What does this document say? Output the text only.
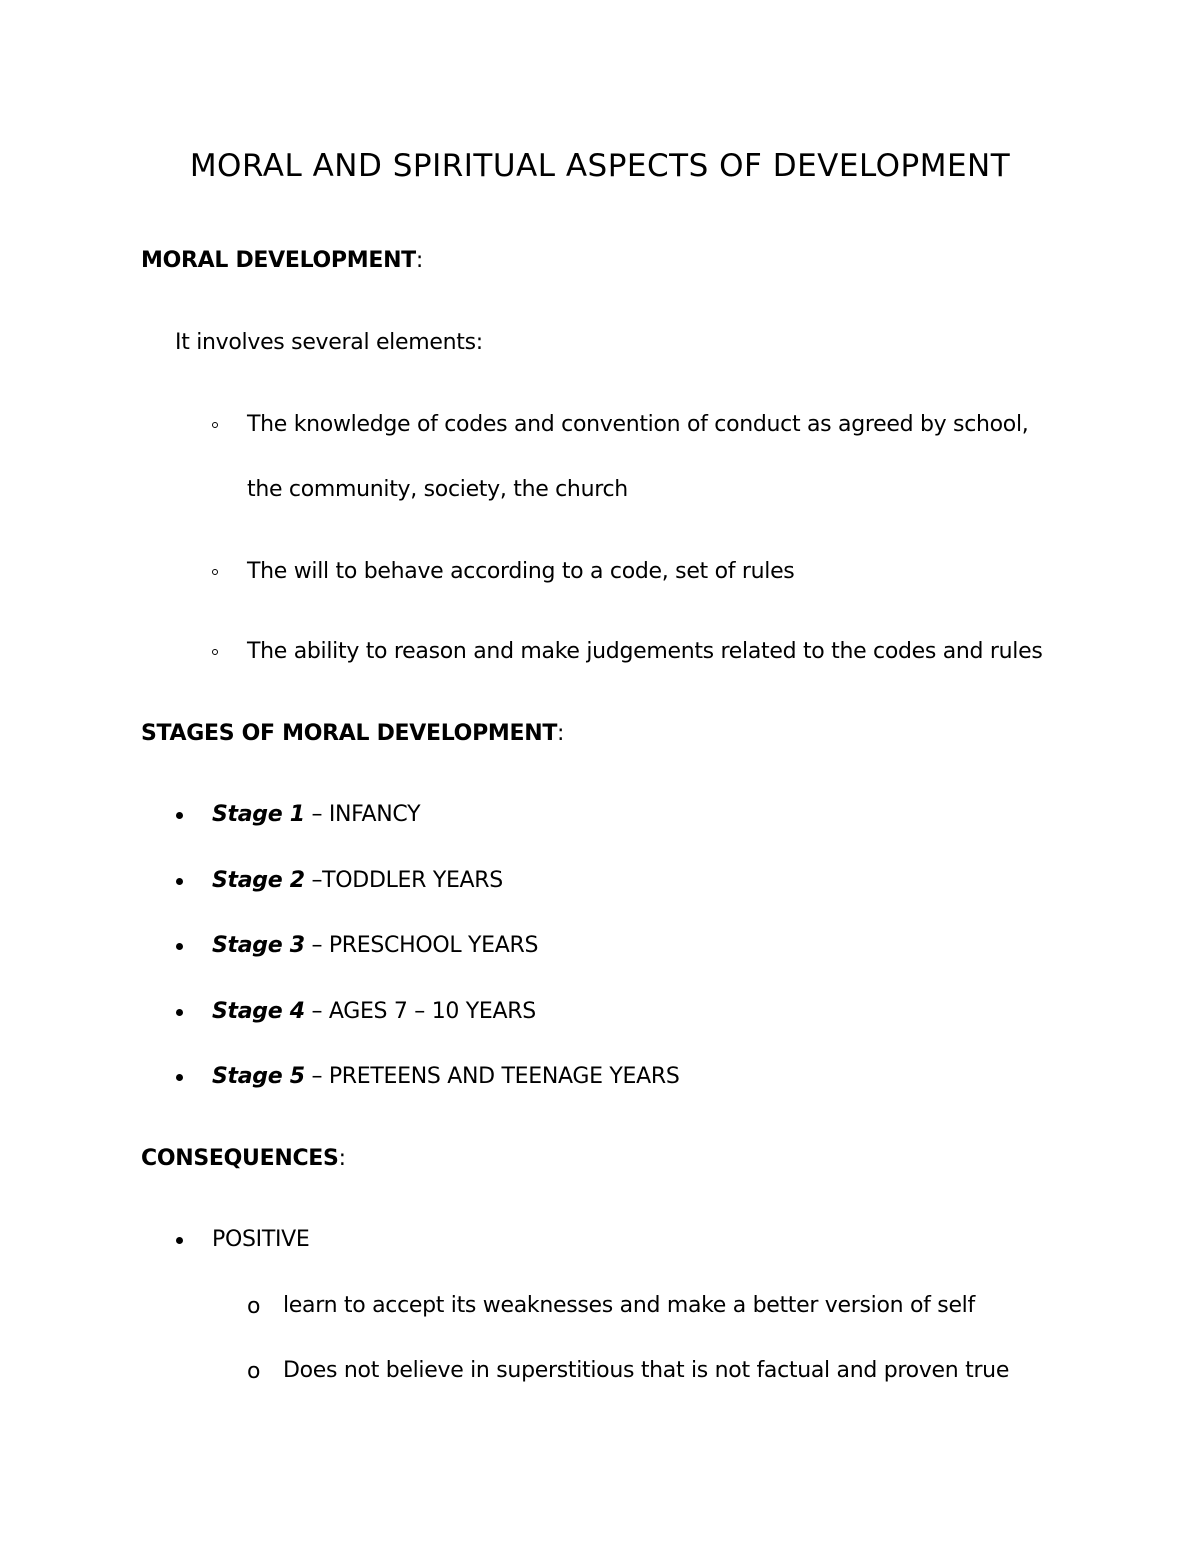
MORAL AND SPIRITUAL ASPECTS OF DEVELOPMENT
MORAL DEVELOPMENT:
It involves several elements:
The knowledge of codes and convention of conduct as agreed by school,
the community, society, the church
The will to behave according to a code, set of rules
The ability to reason and make judgements related to the codes and rules
STAGES OF MORAL DEVELOPMENT:
Stage 1 – INFANCY
Stage 2 –TODDLER YEARS
Stage 3 – PRESCHOOL YEARS
Stage 4 – AGES 7 – 10 YEARS
Stage 5 – PRETEENS AND TEENAGE YEARS
CONSEQUENCES:
POSITIVE
o learn to accept its weaknesses and make a better version of self
o Does not believe in superstitious that is not factual and proven true
